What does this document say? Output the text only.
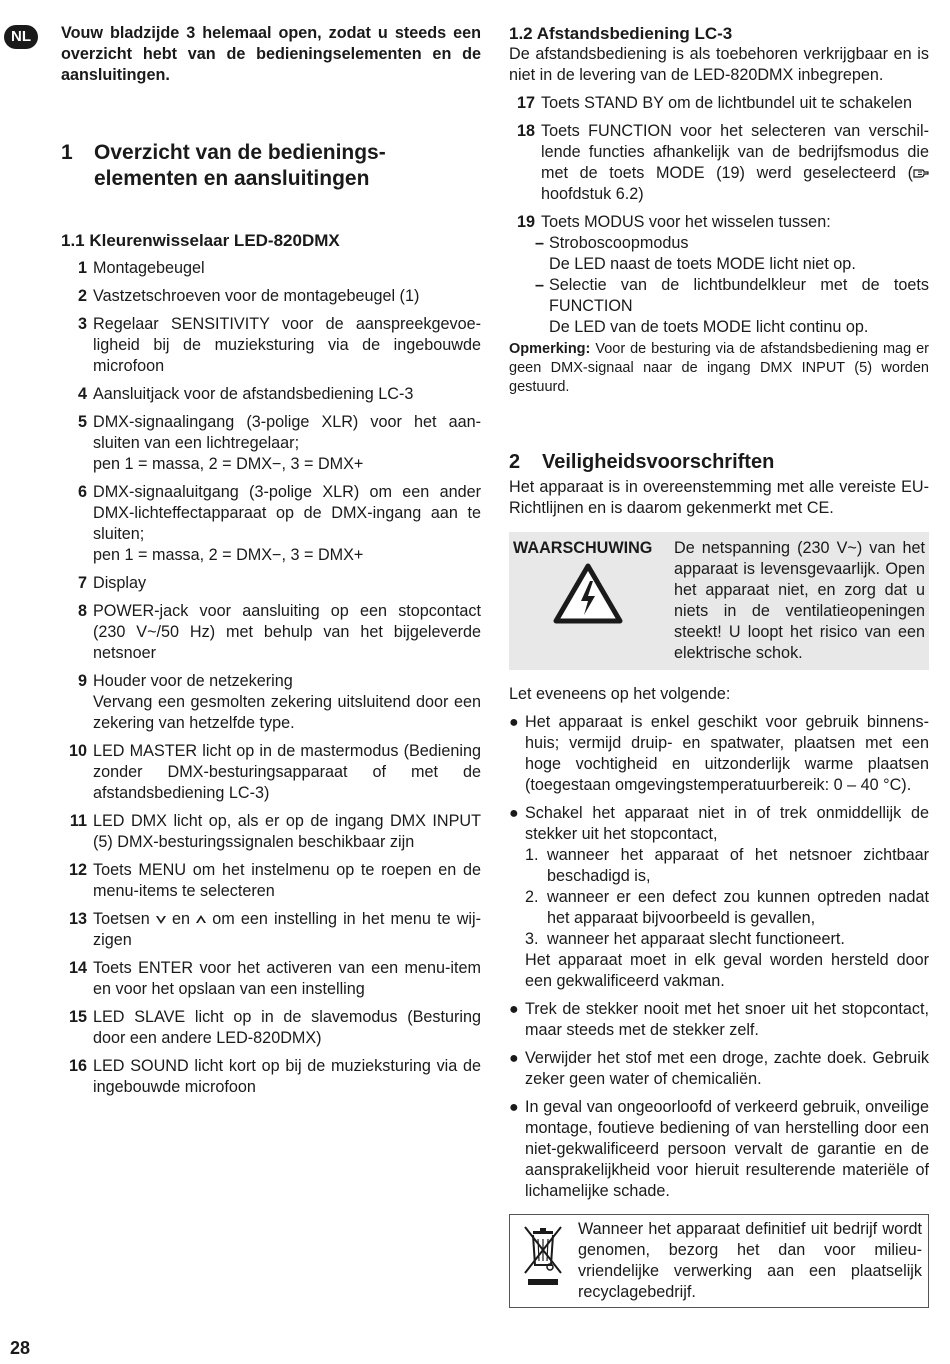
NL	Vouw bladzijde 3 helemaal open, zodat u steeds een overzicht hebt van de bedieningselementen en de aansluitingen.
1	Overzicht van de bedienings-
elementen en aansluitingen
1.1 Kleurenwisselaar LED-820DMX
1 Montagebeugel
2 Vastzetschroeven voor de montagebeugel (1)
3 Regelaar SENSITIVITY voor de aanspreekgevoeligheid bij de muzieksturing via de ingebouwde microfoon
4 Aansluitjack voor de afstandsbediening LC-3
5 DMX-signaalingang (3-polige XLR) voor het aansluiten van een lichtregelaar;
pen 1 = massa, 2 = DMX−, 3 = DMX+
6 DMX-signaaluitgang (3-polige XLR) om een ander DMX-lichteffectapparaat op de DMX-ingang aan te sluiten;
pen 1 = massa, 2 = DMX−, 3 = DMX+
7 Display
8 POWER-jack voor aansluiting op een stopcontact (230 V~/50 Hz) met behulp van het bijgeleverde netsnoer
9 Houder voor de netzekering
Vervang een gesmolten zekering uitsluitend door een zekering van hetzelfde type.
10 LED MASTER licht op in de mastermodus (Bediening zonder DMX-besturingsapparaat of met de afstandsbediening LC-3)
11 LED DMX licht op, als er op de ingang DMX INPUT (5) DMX-besturingssignalen beschikbaar zijn
12 Toets MENU om het instelmenu op te roepen en de menu-items te selecteren
13 Toetsen  en  om een instelling in het menu te wijzigen
14 Toets ENTER voor het activeren van een menu-item en voor het opslaan van een instelling
15 LED SLAVE licht op in de slavemodus (Besturing door een andere LED-820DMX)
16 LED SOUND licht kort op bij de muzieksturing via de ingebouwde microfoon
1.2 Afstandsbediening LC-3
De afstandsbediening is als toebehoren verkrijgbaar en is niet in de levering van de LED-820DMX inbegrepen.
17 Toets STAND BY om de lichtbundel uit te schakelen
18 Toets FUNCTION voor het selecteren van verschillende functies afhankelijk van de bedrijfsmodus die met de toets MODE (19) werd geselecteerd ( hoofdstuk 6.2)
19 Toets MODUS voor het wisselen tussen:
– Stroboscoopmodus
De LED naast de toets MODE licht niet op.
– Selectie van de lichtbundelkleur met de toets FUNCTION
De LED van de toets MODE licht continu op.
Opmerking: Voor de besturing via de afstandsbediening mag er geen DMX-signaal naar de ingang DMX INPUT (5) worden gestuurd.
2	Veiligheidsvoorschriften
Het apparaat is in overeenstemming met alle vereiste EU-Richtlijnen en is daarom gekenmerkt met CE.
WAARSCHUWING	De netspanning (230 V~) van het apparaat is levensgevaarlijk. Open het apparaat niet, en zorg dat u niets in de ventilatieopeningen steekt! U loopt het risico van een elektrische schok.
Let eveneens op het volgende:
● Het apparaat is enkel geschikt voor gebruik binnenshuis; vermijd druip- en spatwater, plaatsen met een hoge vochtigheid en uitzonderlijk warme plaatsen (toegestaan omgevingstemperatuurbereik: 0 – 40 °C).
● Schakel het apparaat niet in of trek onmiddellijk de stekker uit het stopcontact,
1. wanneer het apparaat of het netsnoer zichtbaar beschadigd is,
2. wanneer er een defect zou kunnen optreden nadat het apparaat bijvoorbeeld is gevallen,
3. wanneer het apparaat slecht functioneert.
Het apparaat moet in elk geval worden hersteld door een gekwalificeerd vakman.
● Trek de stekker nooit met het snoer uit het stopcontact, maar steeds met de stekker zelf.
● Verwijder het stof met een droge, zachte doek. Gebruik zeker geen water of chemicaliën.
● In geval van ongeoorloofd of verkeerd gebruik, onveilige montage, foutieve bediening of van herstelling door een niet-gekwalificeerd persoon vervalt de garantie en de aansprakelijkheid voor hieruit resulterende materiële of lichamelijke schade.
Wanneer het apparaat definitief uit bedrijf wordt genomen, bezorg het dan voor milieuvriendelijke verwerking aan een plaatselijk recyclagebedrijf.
28
